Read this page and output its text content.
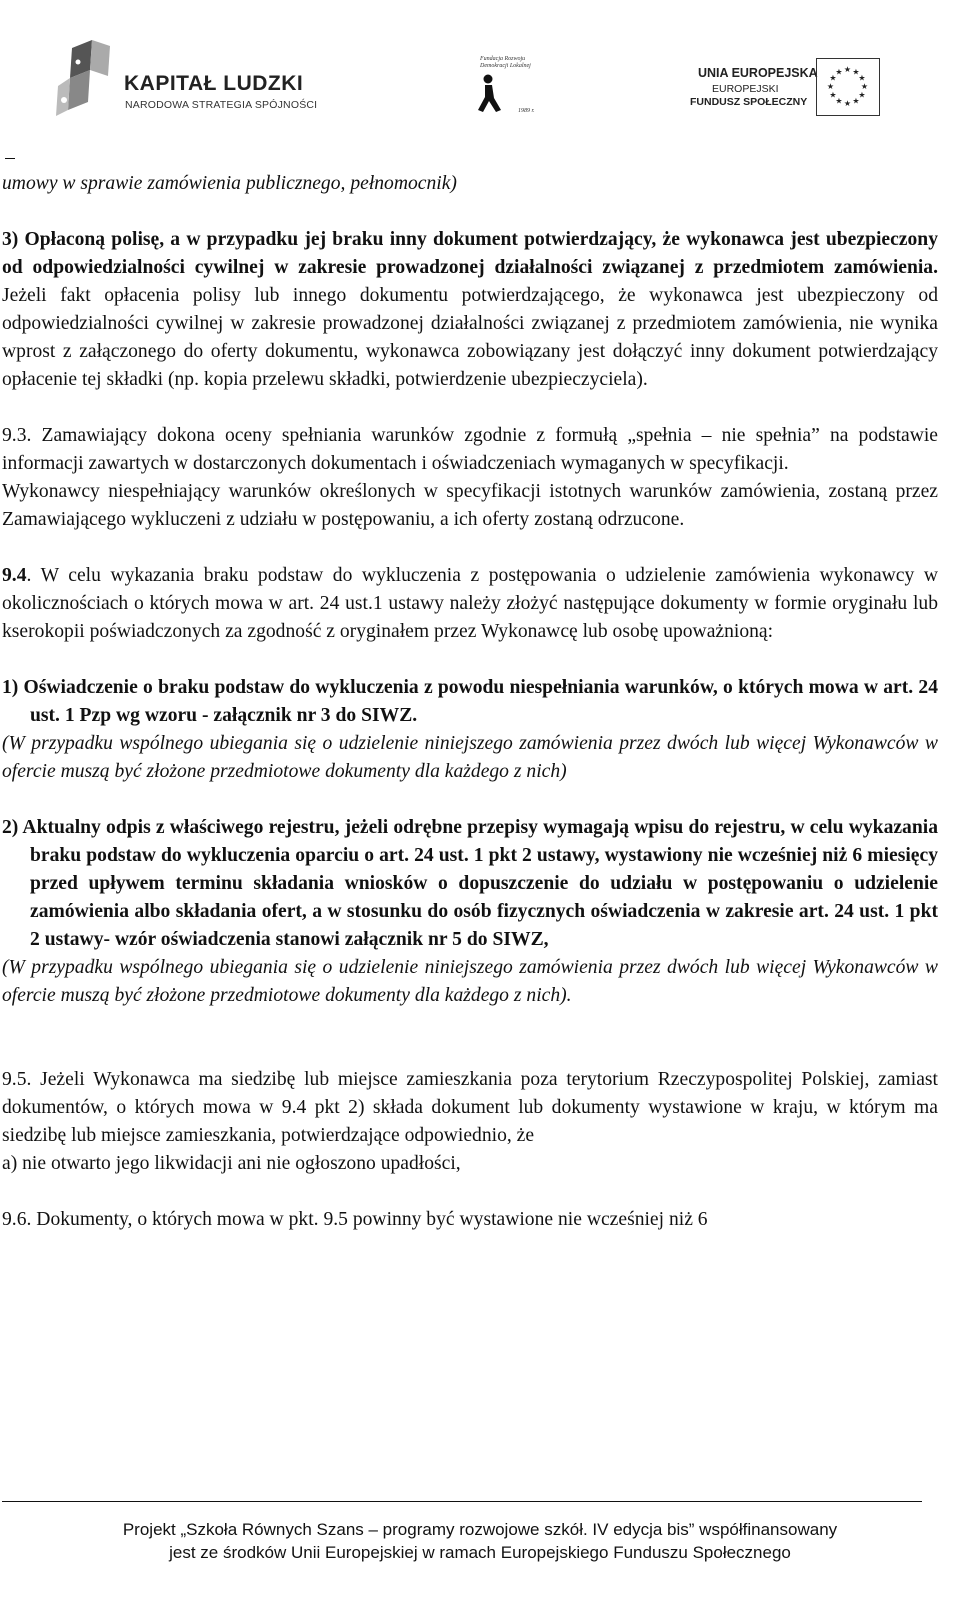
KAPITAŁ LUDZKI
NARODOWA STRATEGIA SPÓJNOŚCI
Fundacja Rozwoju Demokracji Lokalnej
1989 r.
UNIA EUROPEJSKA
EUROPEJSKI
FUNDUSZ SPOŁECZNY
★ ★
★
★
★
★
★
★
★
★
★
★

umowy w sprawie zamówienia publicznego, pełnomocnik)

3) Opłaconą polisę, a w przypadku jej braku inny dokument potwierdzający, że wykonawca jest ubezpieczony od odpowiedzialności cywilnej w zakresie prowadzonej działalności związanej z przedmiotem zamówienia. Jeżeli fakt opłacenia polisy lub innego dokumentu potwierdzającego, że wykonawca jest ubezpieczony od odpowiedzialności cywilnej w zakresie prowadzonej działalności związanej z przedmiotem zamówienia, nie wynika wprost z załączonego do oferty dokumentu, wykonawca zobowiązany jest dołączyć inny dokument potwierdzający opłacenie tej składki (np. kopia przelewu składki, potwierdzenie ubezpieczyciela).

9.3. Zamawiający dokona oceny spełniania warunków zgodnie z formułą „spełnia – nie spełnia” na podstawie informacji zawartych w dostarczonych dokumentach i oświadczeniach wymaganych w specyfikacji.

Wykonawcy niespełniający warunków określonych w specyfikacji istotnych warunków zamówienia, zostaną przez Zamawiającego wykluczeni z udziału w postępowaniu, a ich oferty zostaną odrzucone.

9.4. W celu wykazania braku podstaw do wykluczenia z postępowania o udzielenie zamówienia wykonawcy w okolicznościach o których mowa w art. 24 ust.1 ustawy należy złożyć następujące dokumenty w formie oryginału lub kserokopii poświadczonych za zgodność z oryginałem przez Wykonawcę lub osobę upoważnioną:

1) Oświadczenie o braku podstaw do wykluczenia z powodu niespełniania warunków, o których mowa w art. 24 ust. 1 Pzp wg wzoru - załącznik nr 3 do SIWZ.

(W przypadku wspólnego ubiegania się o udzielenie niniejszego zamówienia przez dwóch lub więcej Wykonawców w ofercie muszą być złożone przedmiotowe dokumenty dla każdego z nich)

2) Aktualny odpis z właściwego rejestru, jeżeli odrębne przepisy wymagają wpisu do rejestru, w celu wykazania braku podstaw do wykluczenia oparciu o art. 24 ust. 1 pkt 2 ustawy, wystawiony nie wcześniej niż 6 miesięcy przed upływem terminu składania wniosków o dopuszczenie do udziału w postępowaniu o udzielenie zamówienia albo składania ofert, a w stosunku do osób fizycznych oświadczenia w zakresie art. 24 ust. 1 pkt 2 ustawy- wzór oświadczenia stanowi załącznik nr 5 do SIWZ,

(W przypadku wspólnego ubiegania się o udzielenie niniejszego zamówienia przez dwóch lub więcej Wykonawców w ofercie muszą być złożone przedmiotowe dokumenty dla każdego z nich).

9.5. Jeżeli Wykonawca ma siedzibę lub miejsce zamieszkania poza terytorium Rzeczypospolitej Polskiej, zamiast dokumentów, o których mowa w 9.4 pkt 2) składa dokument lub dokumenty wystawione w kraju, w którym ma siedzibę lub miejsce zamieszkania, potwierdzające odpowiednio, że

a) nie otwarto jego likwidacji ani nie ogłoszono upadłości,

9.6. Dokumenty, o których mowa w pkt. 9.5 powinny być wystawione nie wcześniej niż 6

Projekt „Szkoła Równych Szans – programy rozwojowe szkół. IV edycja bis” współfinansowany
jest ze środków Unii Europejskiej w ramach Europejskiego Funduszu Społecznego
